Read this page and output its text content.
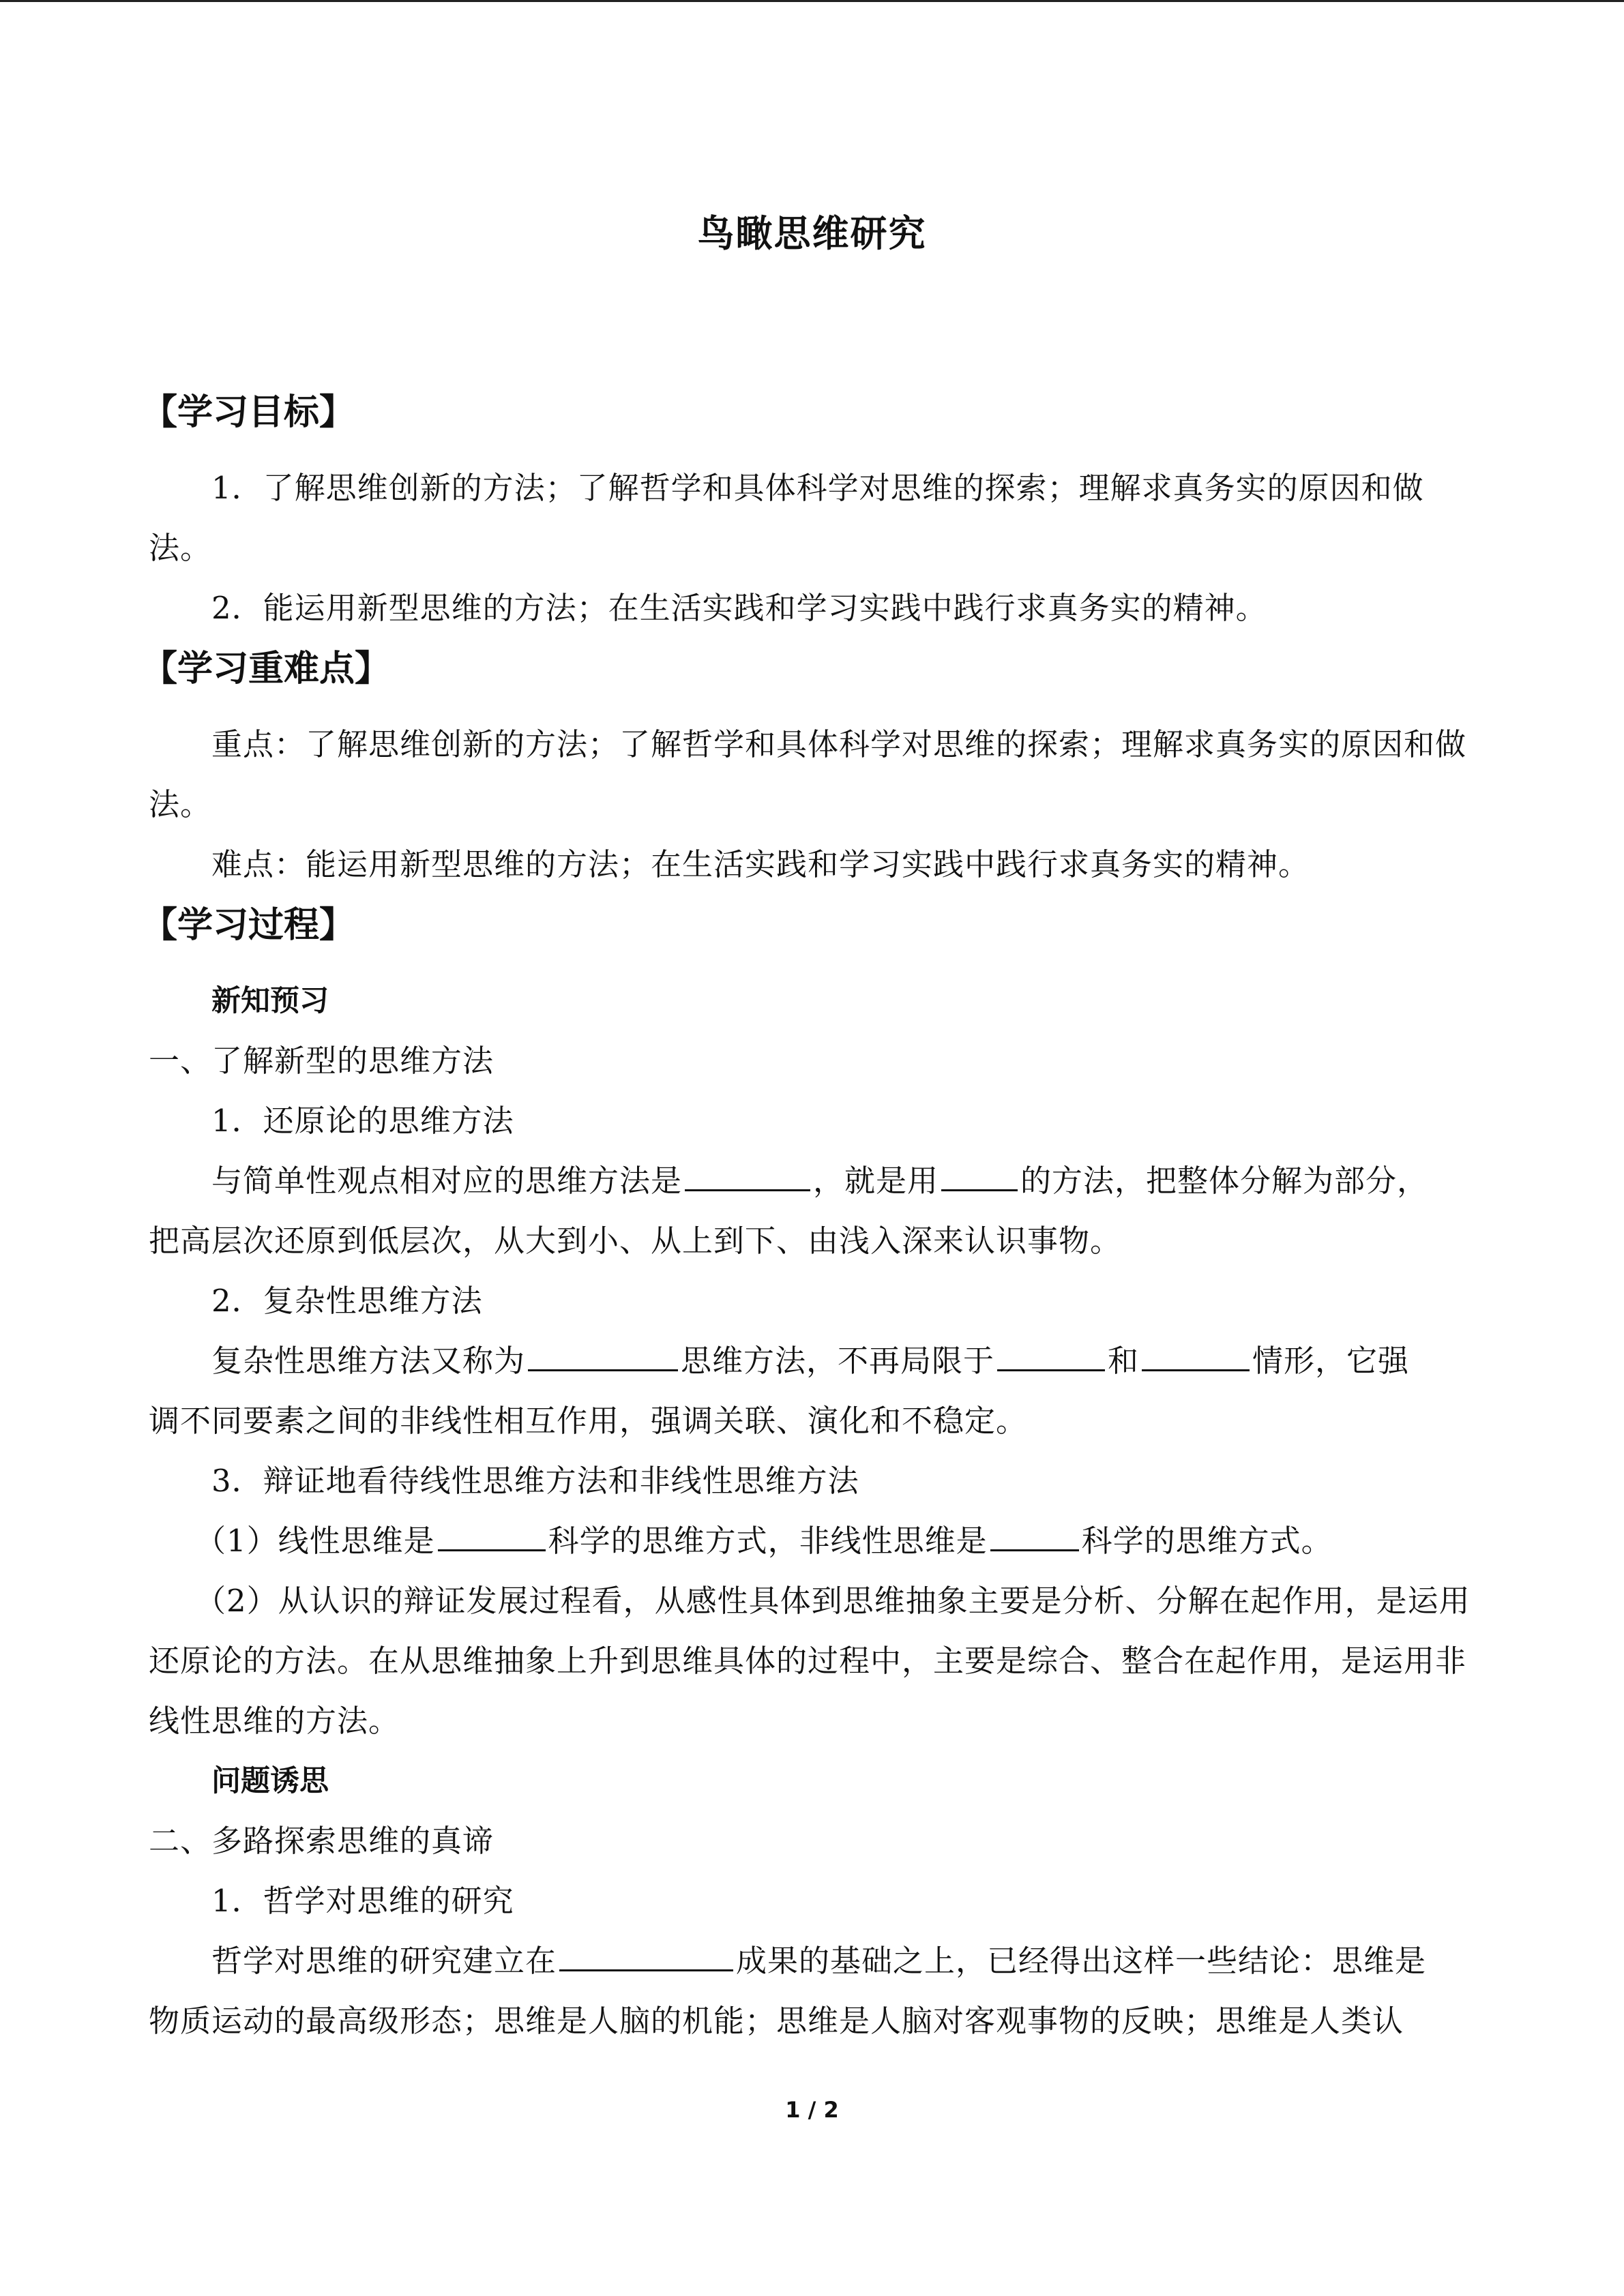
鸟瞰思维研究
【学习目标】

1．了解思维创新的方法；了解哲学和具体科学对思维的探索；理解求真务实的原因和做法。

2．能运用新型思维的方法；在生活实践和学习实践中践行求真务实的精神。

【学习重难点】

重点：了解思维创新的方法；了解哲学和具体科学对思维的探索；理解求真务实的原因和做法。

难点：能运用新型思维的方法；在生活实践和学习实践中践行求真务实的精神。

【学习过程】

新知预习

一、了解新型的思维方法

1．还原论的思维方法

与简单性观点相对应的思维方法是	，就是用	的方法，把整体分解为部分，

把高层次还原到低层次，从大到小、从上到下、由浅入深来认识事物。

2．复杂性思维方法

复杂性思维方法又称为	思维方法，不再局限于	和	情形，它强

调不同要素之间的非线性相互作用，强调关联、演化和不稳定。

3．辩证地看待线性思维方法和非线性思维方法

（1）线性思维是	科学的思维方式，非线性思维是	科学的思维方式。

（2）从认识的辩证发展过程看，从感性具体到思维抽象主要是分析、分解在起作用，是运用还原论的方法。在从思维抽象上升到思维具体的过程中，主要是综合、整合在起作用，是运用非线性思维的方法。

问题诱思

二、多路探索思维的真谛

1．哲学对思维的研究

哲学对思维的研究建立在	成果的基础之上，已经得出这样一些结论：思维是

物质运动的最高级形态；思维是人脑的机能；思维是人脑对客观事物的反映；思维是人类认

1 / 2
